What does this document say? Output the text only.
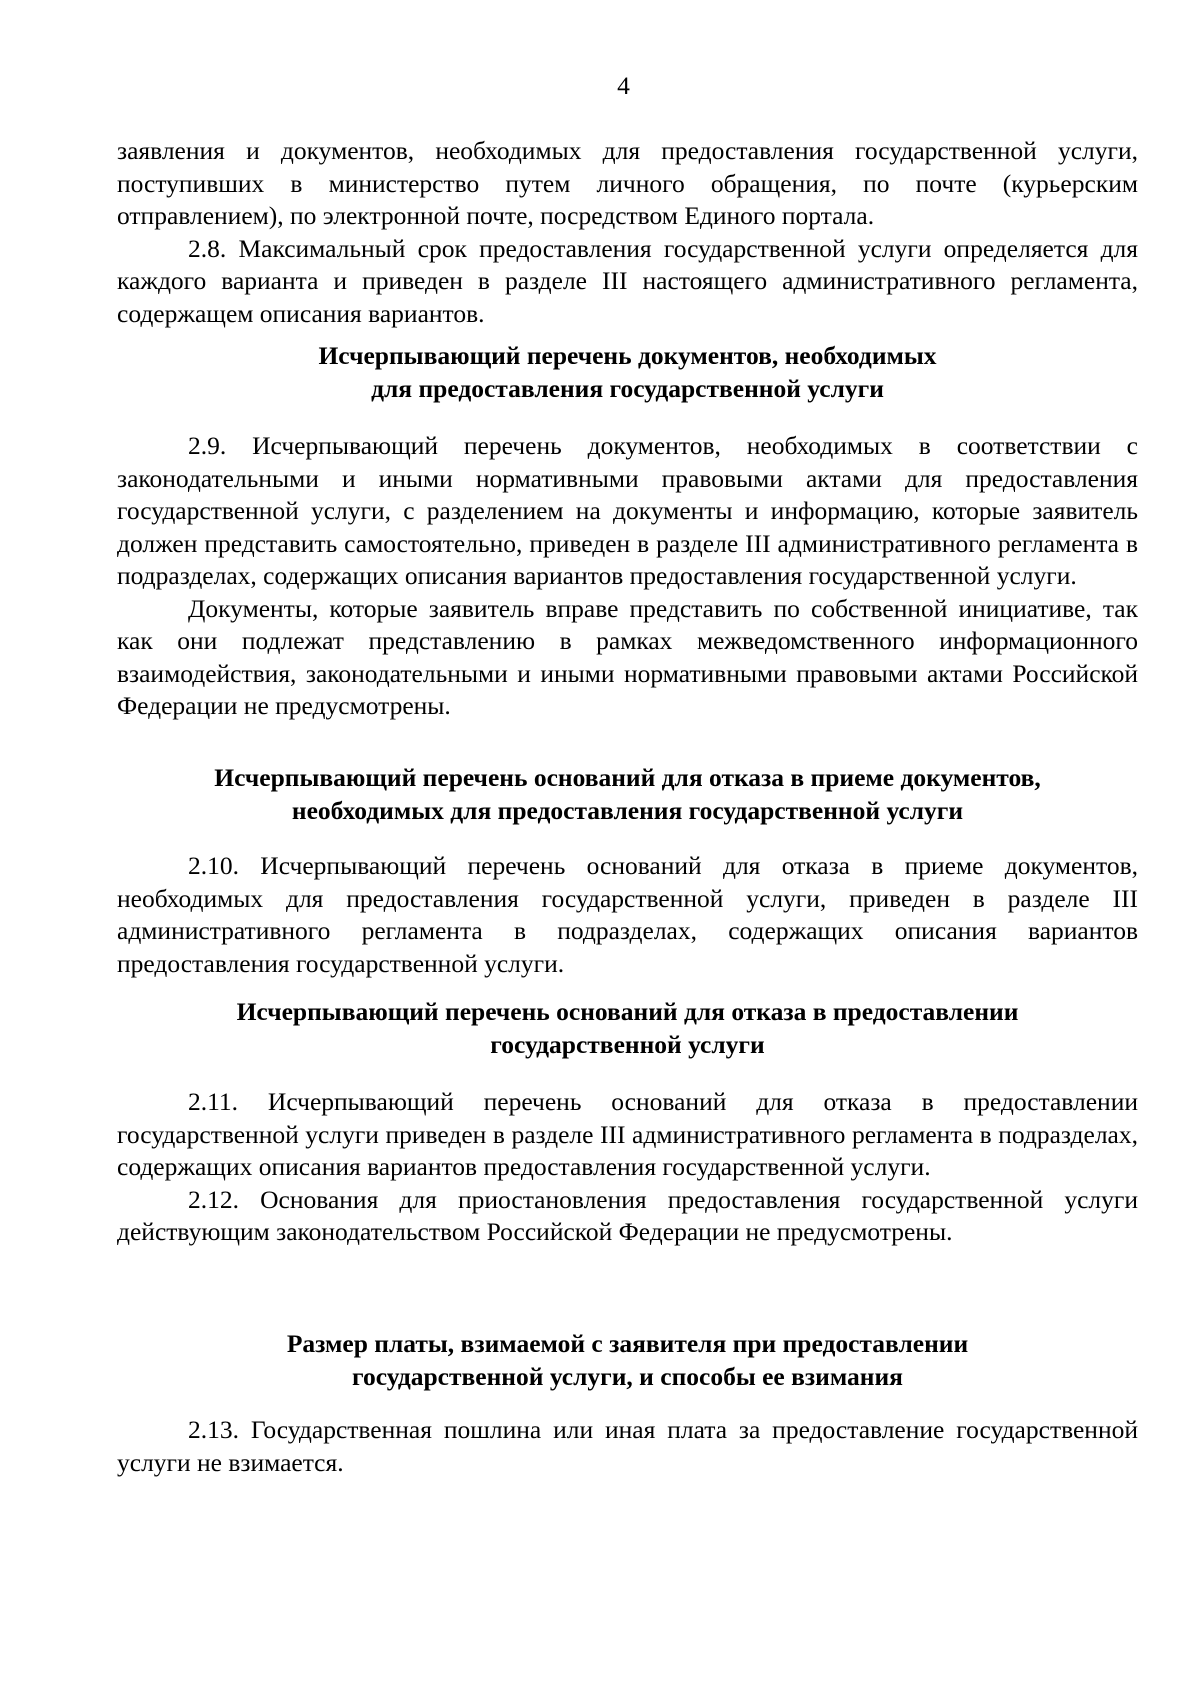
4

заявления и документов, необходимых для предоставления государственной услуги, поступивших в министерство путем личного обращения, по почте (курьерским отправлением), по электронной почте, посредством Единого портала.

2.8. Максимальный срок предоставления государственной услуги определяется для каждого варианта и приведен в разделе III настоящего административного регламента, содержащем описания вариантов.

Исчерпывающий перечень документов, необходимых
для предоставления государственной услуги

2.9. Исчерпывающий перечень документов, необходимых в соответствии с законодательными и иными нормативными правовыми актами для предоставления государственной услуги, с разделением на документы и информацию, которые заявитель должен представить самостоятельно, приведен в разделе III административного регламента в подразделах, содержащих описания вариантов предоставления государственной услуги.

Документы, которые заявитель вправе представить по собственной инициативе, так как они подлежат представлению в рамках межведомственного информационного взаимодействия, законодательными и иными нормативными правовыми актами Российской Федерации не предусмотрены.

Исчерпывающий перечень оснований для отказа в приеме документов,
необходимых для предоставления государственной услуги

2.10. Исчерпывающий перечень оснований для отказа в приеме документов, необходимых для предоставления государственной услуги, приведен в разделе III административного регламента в подразделах, содержащих описания вариантов предоставления государственной услуги.

Исчерпывающий перечень оснований для отказа в предоставлении
государственной услуги

2.11. Исчерпывающий перечень оснований для отказа в предоставлении государственной услуги приведен в разделе III административного регламента в подразделах, содержащих описания вариантов предоставления государственной услуги.

2.12. Основания для приостановления предоставления государственной услуги действующим законодательством Российской Федерации не предусмотрены.

Размер платы, взимаемой с заявителя при предоставлении
государственной услуги, и способы ее взимания

2.13. Государственная пошлина или иная плата за предоставление государственной услуги не взимается.
